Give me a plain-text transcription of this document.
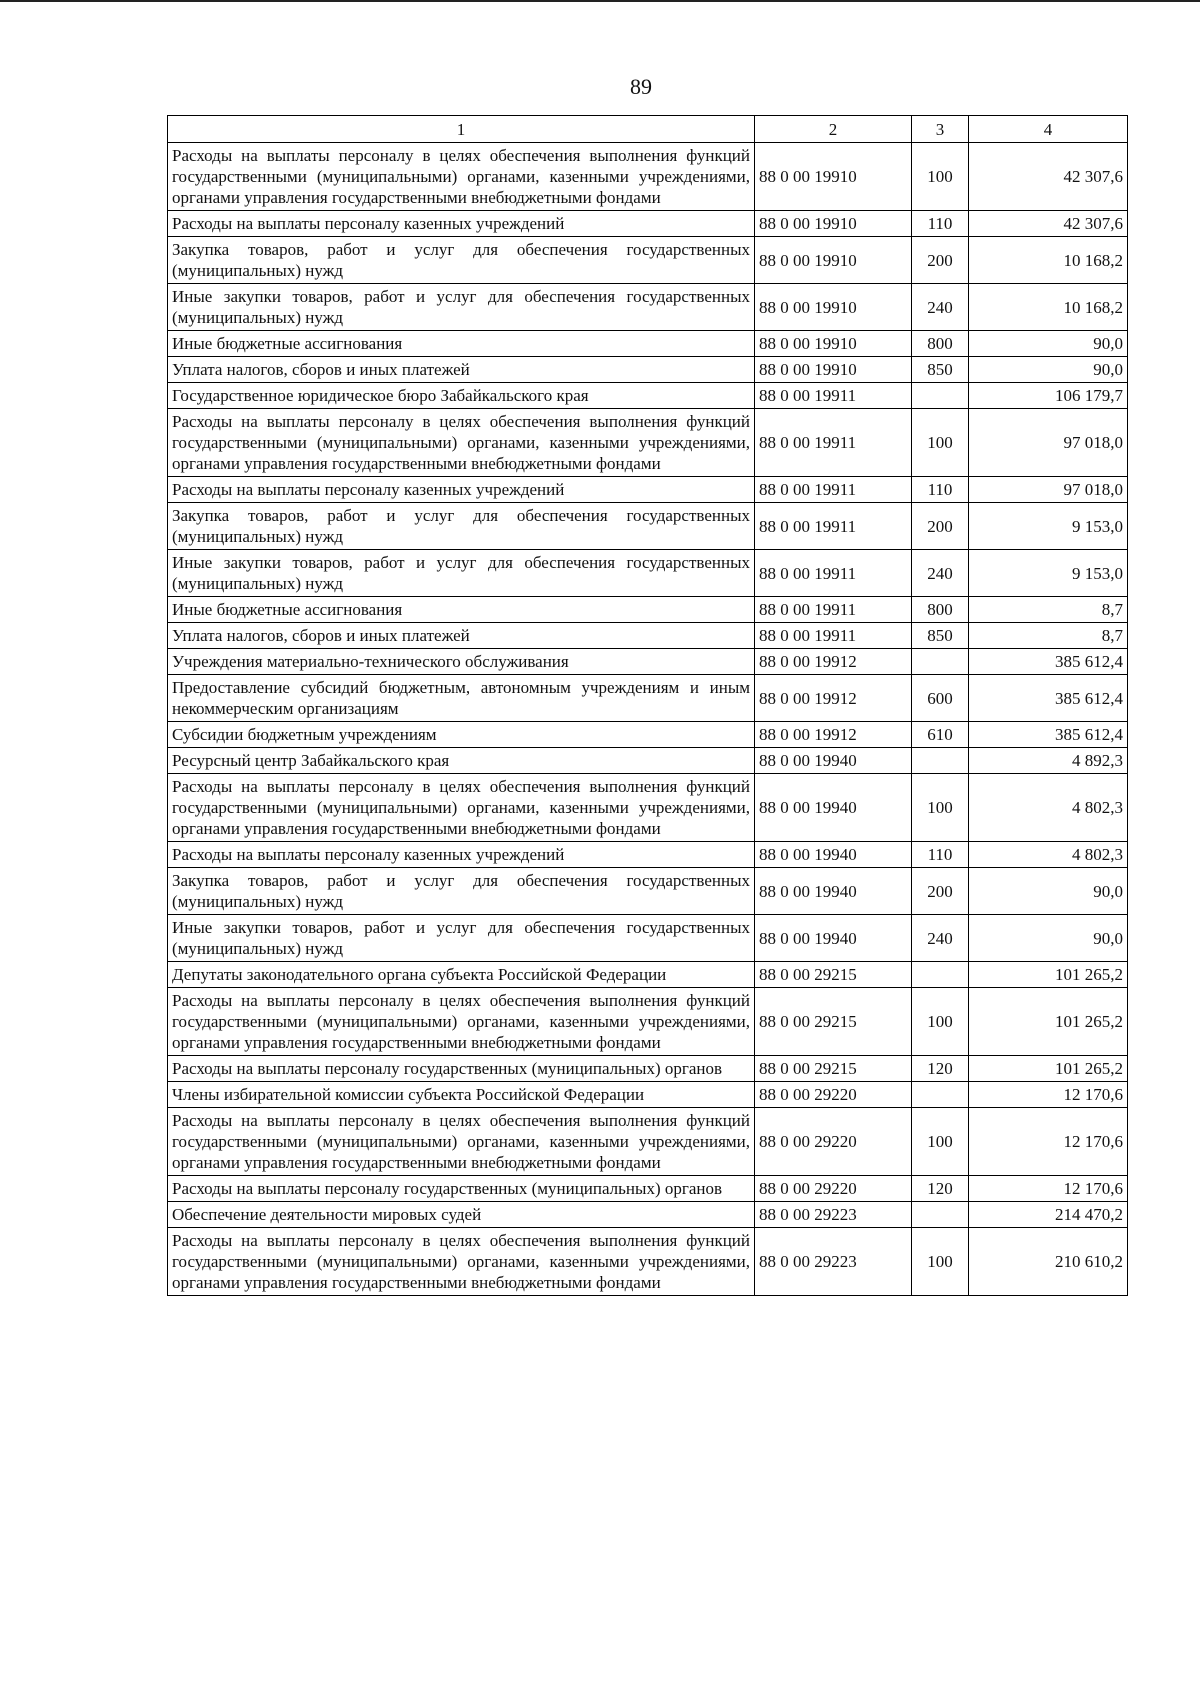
89
1	2	3	4
Расходы на выплаты персоналу в целях обеспечения выполнения функций государственными (муниципальными) органами, казенными учреждениями, органами управления государственными внебюджетными фондами	88 0 00 19910	100	42 307,6
Расходы на выплаты персоналу казенных учреждений	88 0 00 19910	110	42 307,6
Закупка товаров, работ и услуг для обеспечения государственных (муниципальных) нужд	88 0 00 19910	200	10 168,2
Иные закупки товаров, работ и услуг для обеспечения государственных (муниципальных) нужд	88 0 00 19910	240	10 168,2
Иные бюджетные ассигнования	88 0 00 19910	800	90,0
Уплата налогов, сборов и иных платежей	88 0 00 19910	850	90,0
Государственное юридическое бюро Забайкальского края	88 0 00 19911		106 179,7
Расходы на выплаты персоналу в целях обеспечения выполнения функций государственными (муниципальными) органами, казенными учреждениями, органами управления государственными внебюджетными фондами	88 0 00 19911	100	97 018,0
Расходы на выплаты персоналу казенных учреждений	88 0 00 19911	110	97 018,0
Закупка товаров, работ и услуг для обеспечения государственных (муниципальных) нужд	88 0 00 19911	200	9 153,0
Иные закупки товаров, работ и услуг для обеспечения государственных (муниципальных) нужд	88 0 00 19911	240	9 153,0
Иные бюджетные ассигнования	88 0 00 19911	800	8,7
Уплата налогов, сборов и иных платежей	88 0 00 19911	850	8,7
Учреждения материально-технического обслуживания	88 0 00 19912		385 612,4
Предоставление субсидий бюджетным, автономным учреждениям и иным некоммерческим организациям	88 0 00 19912	600	385 612,4
Субсидии бюджетным учреждениям	88 0 00 19912	610	385 612,4
Ресурсный центр Забайкальского края	88 0 00 19940		4 892,3
Расходы на выплаты персоналу в целях обеспечения выполнения функций государственными (муниципальными) органами, казенными учреждениями, органами управления государственными внебюджетными фондами	88 0 00 19940	100	4 802,3
Расходы на выплаты персоналу казенных учреждений	88 0 00 19940	110	4 802,3
Закупка товаров, работ и услуг для обеспечения государственных (муниципальных) нужд	88 0 00 19940	200	90,0
Иные закупки товаров, работ и услуг для обеспечения государственных (муниципальных) нужд	88 0 00 19940	240	90,0
Депутаты законодательного органа субъекта Российской Федерации	88 0 00 29215		101 265,2
Расходы на выплаты персоналу в целях обеспечения выполнения функций государственными (муниципальными) органами, казенными учреждениями, органами управления государственными внебюджетными фондами	88 0 00 29215	100	101 265,2
Расходы на выплаты персоналу государственных (муниципальных) органов	88 0 00 29215	120	101 265,2
Члены избирательной комиссии субъекта Российской Федерации	88 0 00 29220		12 170,6
Расходы на выплаты персоналу в целях обеспечения выполнения функций государственными (муниципальными) органами, казенными учреждениями, органами управления государственными внебюджетными фондами	88 0 00 29220	100	12 170,6
Расходы на выплаты персоналу государственных (муниципальных) органов	88 0 00 29220	120	12 170,6
Обеспечение деятельности мировых судей	88 0 00 29223		214 470,2
Расходы на выплаты персоналу в целях обеспечения выполнения функций государственными (муниципальными) органами, казенными учреждениями, органами управления государственными внебюджетными фондами	88 0 00 29223	100	210 610,2
